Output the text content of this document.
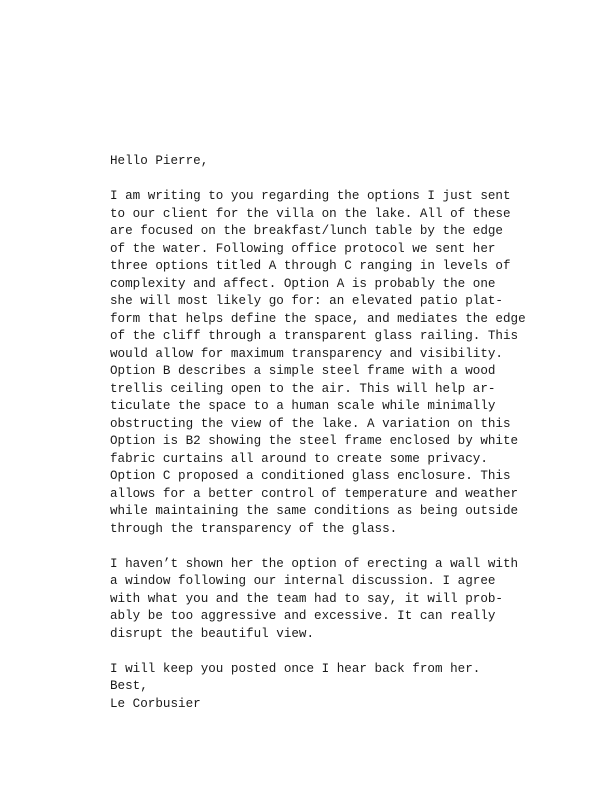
Hello Pierre,
I am writing to you regarding the options I just sent
to our client for the villa on the lake. All of these
are focused on the breakfast/lunch table by the edge
of the water. Following office protocol we sent her
three options titled A through C ranging in levels of
complexity and affect. Option A is probably the one
she will most likely go for: an elevated patio plat-
form that helps define the space, and mediates the edge
of the cliff through a transparent glass railing. This
would allow for maximum transparency and visibility.
Option B describes a simple steel frame with a wood
trellis ceiling open to the air. This will help ar-
ticulate the space to a human scale while minimally
obstructing the view of the lake. A variation on this
Option is B2 showing the steel frame enclosed by white
fabric curtains all around to create some privacy.
Option C proposed a conditioned glass enclosure. This
allows for a better control of temperature and weather
while maintaining the same conditions as being outside
through the transparency of the glass.
I haven’t shown her the option of erecting a wall with
a window following our internal discussion. I agree
with what you and the team had to say, it will prob-
ably be too aggressive and excessive. It can really
disrupt the beautiful view.
I will keep you posted once I hear back from her.
Best,
Le Corbusier
